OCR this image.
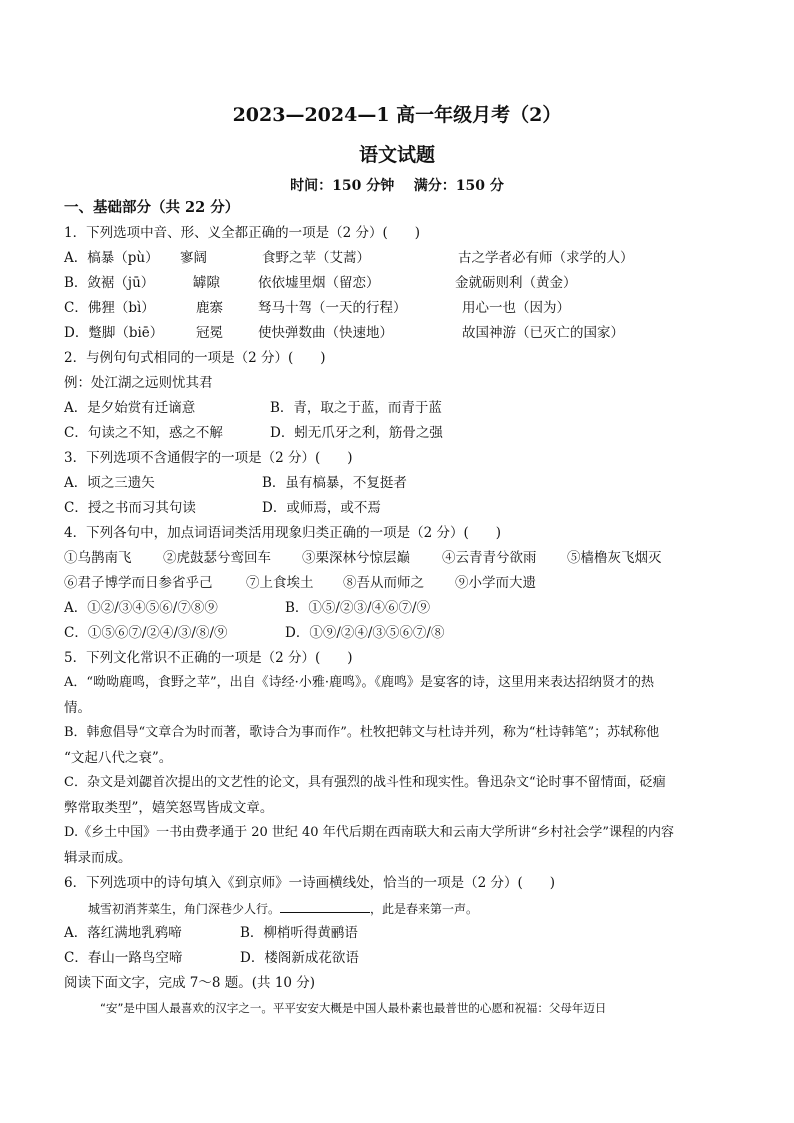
2023—2024—1 高一年级月考（2）
语文试题
时间：150 分钟    满分：150 分
一、基础部分（共 22 分）
1．下列选项中音、形、义全都正确的一项是（2 分）(　　)
A．槁暴（pù） 寥阔	食野之苹（艾蒿）	古之学者必有师（求学的人）
B．敛裾（jū）	罅隙	依依墟里烟（留恋）	金就砺则利（黄金）
C．佛狸（bì）	鹿寨	驽马十驾（一天的行程）	用心一也（因为）
D．蹩脚（biē） 冠冕	使快弹数曲（快速地）	故国神游（已灭亡的国家）
2．与例句句式相同的一项是（2 分）(　　)
例：处江湖之远则忧其君
A．是夕始赏有迁谪意	B．青，取之于蓝，而青于蓝
C．句读之不知，惑之不解	D．蚓无爪牙之利，筋骨之强
3．下列选项不含通假字的一项是（2 分）(　　)
A．顷之三遗矢	B．虽有槁暴，不复挺者
C．授之书而习其句读	D．或师焉，或不焉
4．下列各句中，加点词语词类活用现象归类正确的一项是（2 分）(　　)
①乌鹊南飞 ②虎鼓瑟兮鸾回车 ③栗深林兮惊层巅 ④云青青兮欲雨 ⑤樯橹灰飞烟灭
⑥君子博学而日参省乎己 ⑦上食埃土 ⑧吾从而师之 ⑨小学而大遗
A．①②/③④⑤⑥/⑦⑧⑨	B．①⑤/②③/④⑥⑦/⑨
C．①⑤⑥⑦/②④/③/⑧/⑨	D．①⑨/②④/③⑤⑥⑦/⑧
5．下列文化常识不正确的一项是（2 分）(　　)
A．“呦呦鹿鸣，食野之苹”，出自《诗经·小雅·鹿鸣》。《鹿鸣》是宴客的诗，这里用来表达招纳贤才的热
情。
B．韩愈倡导“文章合为时而著，歌诗合为事而作”。杜牧把韩文与杜诗并列，称为“杜诗韩笔”；苏轼称他
“文起八代之衰”。
C．杂文是刘勰首次提出的文艺性的论文，具有强烈的战斗性和现实性。鲁迅杂文“论时事不留情面，砭痼
弊常取类型”，嬉笑怒骂皆成文章。
D.《乡土中国》一书由费孝通于 20 世纪 40 年代后期在西南联大和云南大学所讲“乡村社会学”课程的内容
辑录而成。
6．下列选项中的诗句填入《到京师》一诗画横线处，恰当的一项是（2 分）(　　)
城雪初消荠菜生，角门深巷少人行。	，此是春来第一声。
A．落红满地乳鸦啼	B．柳梢听得黄鹂语
C．春山一路鸟空啼	D．楼阁新成花欲语
阅读下面文字，完成 7～8 题。(共 10 分)
“安”是中国人最喜欢的汉字之一。平平安安大概是中国人最朴素也最普世的心愿和祝福：父母年迈日
